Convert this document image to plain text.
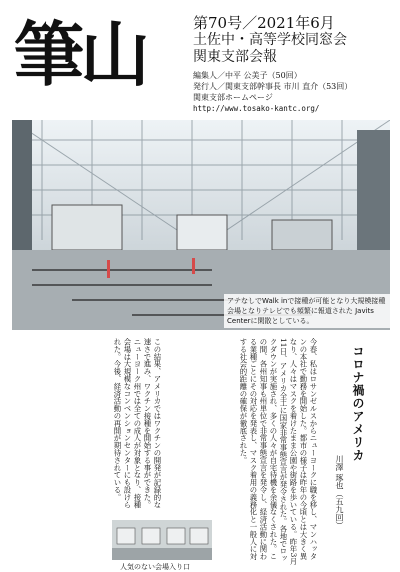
筆山	第70号／2021年6月
土佐中・高等学校同窓会
関東支部会報
編集人／中平 公美子（50回）
発行人／関東支部幹事長 市川 直介（53回）
関東支部ホームページ
http://www.tosako-kantc.org/
アテなしでWalk inで接種が可能となり大規模接種会場となりテレビでも頻繁に報道された Javits Centerに閑散としている。
コロナ禍のアメリカ
川澤 琢也（五九回）
今春、私はロサンゼルスからニューヨークに職を移し、マンハッタンの本社で勤務を開始した。都市の様子は昨年の今頃とは大きく異なり、人々はマスクを着けたまま公園や街路を歩いている。昨年3月11日、アメリカ全土に国家非常事態宣言が発令された。各地でロックダウンが実施され、多くの人々が自宅待機を余儀なくされた。この間、各州知事も州単位で非常事態宣言を発令し、経済活動に関わる業種ごとにその対応を発表し、マスク着用の義務化と一般人に対する社会的距離の確保が徹底された。
この結果、アメリカではワクチンの開発が記録的な速さで進み、ワクチン接種を開始する事ができた。ニューヨーク州では全ての成人が対象となり、接種会場は大規模なコンベンションセンターにも設けられた。今後、経済活動の再開が期待されている。
人気のない会場入り口
